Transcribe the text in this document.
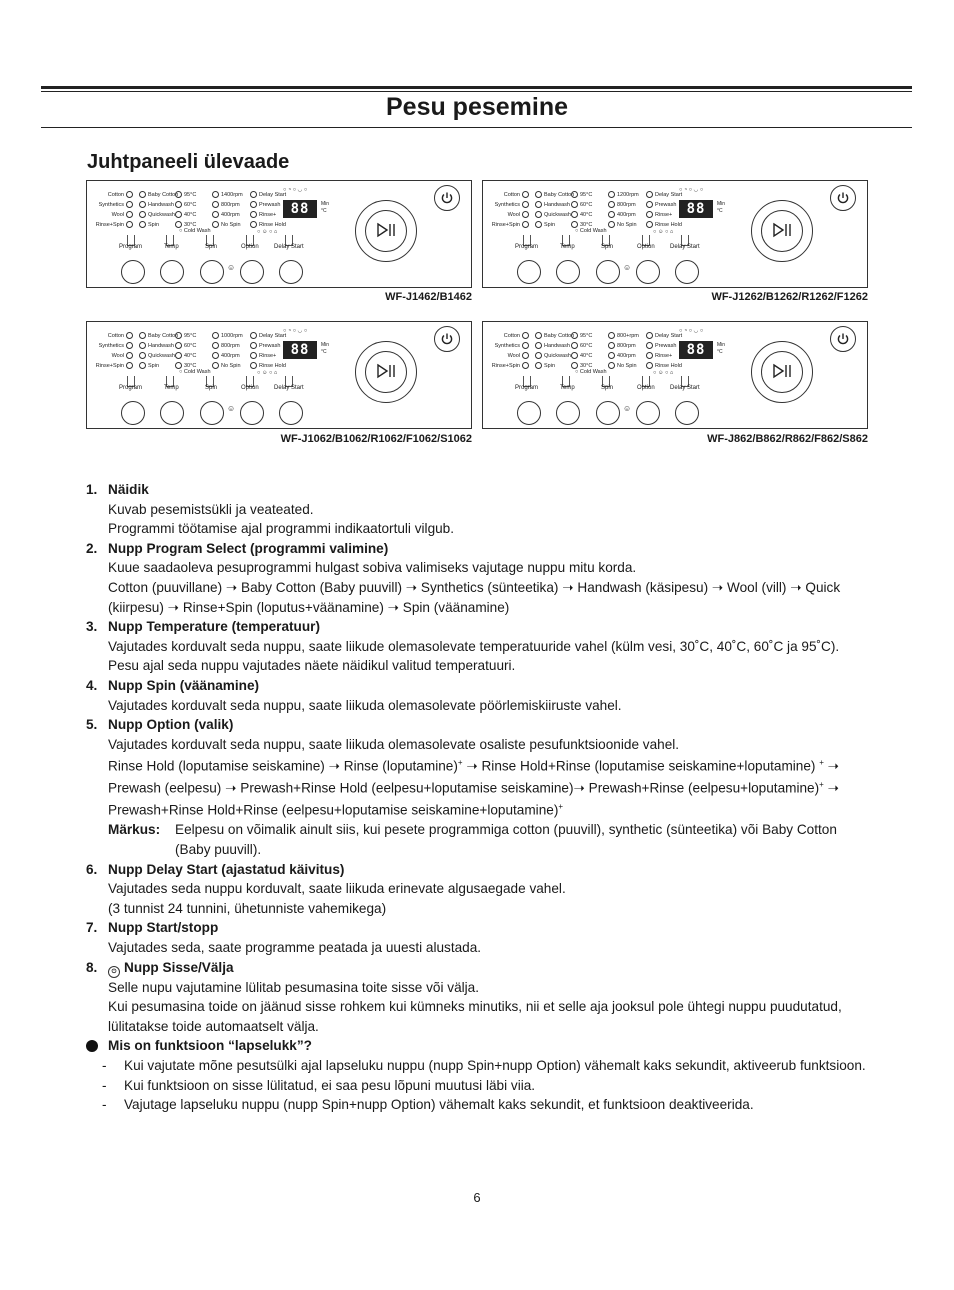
Pesu pesemine
Juhtpaneeli ülevaade
Cotton	Baby Cotton	95°C	1400rpm	Delay Start
Synthetics	Handwash	60°C	800rpm	Prewash
Wool	Quickwash	40°C	400rpm	Rinse+
Rinse+Spin	Spin	30°C	No Spin	Rinse Hold
○ Cold Wash
○ ◔ ○ ◡ ○
○ ☺ ○ ⌂
88	Min
°C
Program	Temp	Spin	Option	Delay Start
☺
WF-J1462/B1462
Cotton	Baby Cotton	95°C	1200rpm	Delay Start
Synthetics	Handwash	60°C	800rpm	Prewash
Wool	Quickwash	40°C	400rpm	Rinse+
Rinse+Spin	Spin	30°C	No Spin	Rinse Hold
○ Cold Wash
○ ◔ ○ ◡ ○
○ ☺ ○ ⌂
88	Min
°C
Program	Temp	Spin	Option	Delay Start
☺
WF-J1262/B1262/R1262/F1262
Cotton	Baby Cotton	95°C	1000rpm	Delay Start
Synthetics	Handwash	60°C	800rpm	Prewash
Wool	Quickwash	40°C	400rpm	Rinse+
Rinse+Spin	Spin	30°C	No Spin	Rinse Hold
○ Cold Wash
○ ◔ ○ ◡ ○
○ ☺ ○ ⌂
88	Min
°C
Program	Temp	Spin	Option	Delay Start
☺
WF-J1062/B1062/R1062/F1062/S1062
Cotton	Baby Cotton	95°C	800+rpm	Delay Start
Synthetics	Handwash	60°C	800rpm	Prewash
Wool	Quickwash	40°C	400rpm	Rinse+
Rinse+Spin	Spin	30°C	No Spin	Rinse Hold
○ Cold Wash
○ ◔ ○ ◡ ○
○ ☺ ○ ⌂
88	Min
°C
Program	Temp	Spin	Option	Delay Start
☺
WF-J862/B862/R862/F862/S862
1. Näidik
Kuvab pesemistsükli ja veateated.
Programmi töötamise ajal programmi indikaatortuli vilgub.
2. Nupp Program Select (programmi valimine)
Kuue saadaoleva pesuprogrammi hulgast sobiva valimiseks vajutage nuppu mitu korda.
Cotton (puuvillane) ➝ Baby Cotton (Baby puuvill) ➝ Synthetics (sünteetika) ➝ Handwash (käsipesu) ➝ Wool (vill) ➝ Quick (kiirpesu) ➝ Rinse+Spin (loputus+väänamine) ➝ Spin (väänamine)
3. Nupp Temperature (temperatuur)
Vajutades korduvalt seda nuppu, saate liikude olemasolevate temperatuuride vahel (külm vesi, 30˚C, 40˚C, 60˚C ja 95˚C).
Pesu ajal seda nuppu vajutades näete näidikul valitud temperatuuri.
4. Nupp Spin (väänamine)
Vajutades korduvalt seda nuppu, saate liikuda olemasolevate pöörlemiskiiruste vahel.
5. Nupp Option (valik)
Vajutades korduvalt seda nuppu, saate liikuda olemasolevate osaliste pesufunktsioonide vahel.
Rinse Hold (loputamise seiskamine) ➝ Rinse (loputamine)+ ➝ Rinse Hold+Rinse (loputamise seiskamine+loputamine) + ➝ Prewash (eelpesu) ➝ Prewash+Rinse Hold (eelpesu+loputamise seiskamine)➝ Prewash+Rinse (eelpesu+loputamine)+ ➝ Prewash+Rinse Hold+Rinse (eelpesu+loputamise seiskamine+loputamine)+
Märkus: Eelpesu on võimalik ainult siis, kui pesete programmiga cotton (puuvill), synthetic (sünteetika) või Baby Cotton (Baby puuvill).
6. Nupp Delay Start (ajastatud käivitus)
Vajutades seda nuppu korduvalt, saate liikuda erinevate algusaegade vahel.
(3 tunnist 24 tunnini, ühetunniste vahemikega)
7. Nupp Start/stopp
Vajutades seda, saate programme peatada ja uuesti alustada.
8.	⏻ Nupp Sisse/Välja
Selle nupu vajutamine lülitab pesumasina toite sisse või välja.
Kui pesumasina toide on jäänud sisse rohkem kui kümneks minutiks, nii et selle aja jooksul pole ühtegi nuppu puudutatud, lülitatakse toide automaatselt välja.
Mis on funktsioon “lapselukk”?
- Kui vajutate mõne pesutsülki ajal lapseluku nuppu (nupp Spin+nupp Option) vähemalt kaks sekundit, aktiveerub funktsioon.
- Kui funktsioon on sisse lülitatud, ei saa pesu lõpuni muutusi läbi viia.
- Vajutage lapseluku nuppu (nupp Spin+nupp Option) vähemalt kaks sekundit, et funktsioon deaktiveerida.
6
